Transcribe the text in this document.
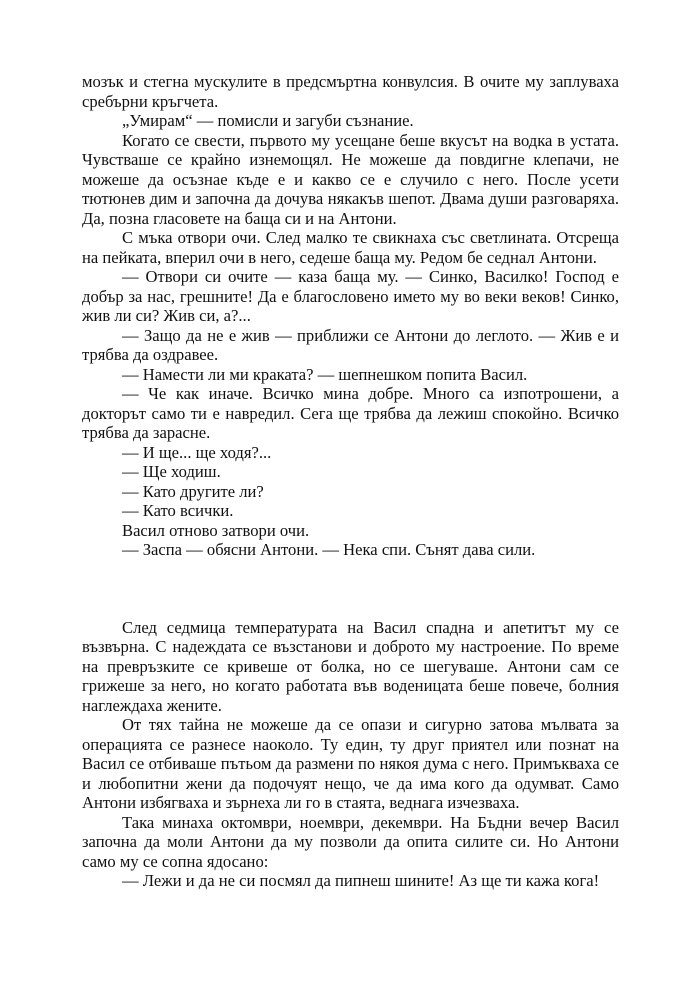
мозък и стегна мускулите в предсмъртна конвулсия. В очите му заплуваха сребърни кръгчета.

„Умирам“ — помисли и загуби съзнание.

Когато се свести, първото му усещане беше вкусът на водка в устата. Чувстваше се крайно изнемощял. Не можеше да повдигне клепачи, не можеше да осъзнае къде е и какво се е случило с него. После усети тютюнев дим и започна да дочува някакъв шепот. Двама души разговаряха. Да, позна гласовете на баща си и на Антони.

С мъка отвори очи. След малко те свикнаха със светлината. Отсреща на пейката, вперил очи в него, седеше баща му. Редом бе седнал Антони.

— Отвори си очите — каза баща му. — Синко, Василко! Господ е добър за нас, грешните! Да е благословено името му во веки веков! Синко, жив ли си? Жив си, а?...

— Защо да не е жив — приближи се Антони до леглото. — Жив е и трябва да оздравее.

— Намести ли ми краката? — шепнешком попита Васил.

— Че как иначе. Всичко мина добре. Много са изпотрошени, а докторът само ти е навредил. Сега ще трябва да лежиш спокойно. Всичко трябва да зарасне.

— И ще... ще ходя?...

— Ще ходиш.

— Като другите ли?

— Като всички.

Васил отново затвори очи.

— Заспа — обясни Антони. — Нека спи. Сънят дава сили.

След седмица температурата на Васил спадна и апетитът му се възвърна. С надеждата се възстанови и доброто му настроение. По време на превръзките се кривеше от болка, но се шегуваше. Антони сам се грижеше за него, но когато работата във воденицата беше повече, болния наглеждаха жените.

От тях тайна не можеше да се опази и сигурно затова мълвата за операцията се разнесе наоколо. Ту един, ту друг приятел или познат на Васил се отбиваше пътьом да размени по някоя дума с него. Примъкваха се и любопитни жени да подочуят нещо, че да има кого да одумват. Само Антони избягваха и зърнеха ли го в стаята, веднага изчезваха.

Така минаха октомври, ноември, декември. На Бъдни вечер Васил започна да моли Антони да му позволи да опита силите си. Но Антони само му се сопна ядосано:

— Лежи и да не си посмял да пипнеш шините! Аз ще ти кажа кога!
